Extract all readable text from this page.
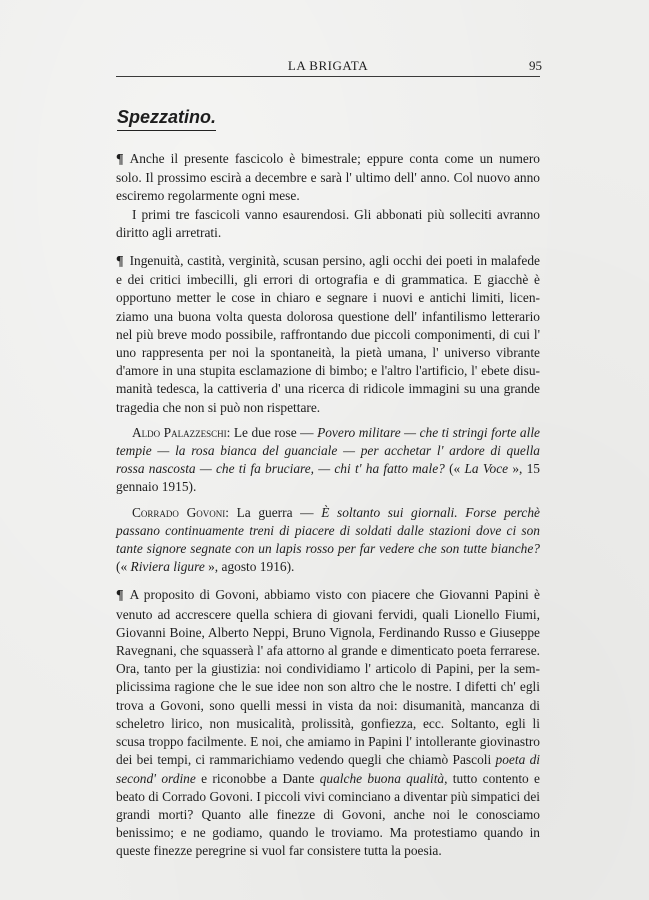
LA BRIGATA	95
Spezzatino.

¶ Anche il presente fascicolo è bimestrale; eppure conta come un numero solo. Il prossimo escirà a decembre e sarà l' ultimo dell' anno. Col nuovo anno esciremo regolarmente ogni mese.

I primi tre fascicoli vanno esaurendosi. Gli abbonati più solleciti avranno diritto agli arretrati.

¶ Ingenuità, castità, verginità, scusan persino, agli occhi dei poeti in malafede e dei critici imbecilli, gli errori di ortografia e di grammatica. E giacchè è opportuno metter le cose in chiaro e segnare i nuovi e antichi limiti, licenziamo una buona volta questa dolorosa questione dell' infantilismo letterario nel più breve modo possibile, raffrontando due piccoli componimenti, di cui l' uno rappresenta per noi la spontaneità, la pietà umana, l' universo vibrante d'amore in una stupita esclamazione di bimbo; e l'altro l'artificio, l' ebete disumanità tedesca, la cattiveria d' una ricerca di ridicole immagini su una grande tragedia che non si può non rispettare.

Aldo Palazzeschi: Le due rose — Povero militare — che ti stringi forte alle tempie — la rosa bianca del guanciale — per acchetar l' ardore di quella rossa nascosta — che ti fa bruciare, — chi t' ha fatto male? (« La Voce », 15 gennaio 1915).

Corrado Govoni: La guerra — È soltanto sui giornali. Forse perchè passano continuamente treni di piacere di soldati dalle stazioni dove ci son tante signore segnate con un lapis rosso per far vedere che son tutte bianche? (« Riviera ligure », agosto 1916).

¶ A proposito di Govoni, abbiamo visto con piacere che Giovanni Papini è venuto ad accrescere quella schiera di giovani fervidi, quali Lionello Fiumi, Giovanni Boine, Alberto Neppi, Bruno Vignola, Ferdinando Russo e Giuseppe Ravegnani, che squasserà l' afa attorno al grande e dimenticato poeta ferrarese. Ora, tanto per la giustizia: noi condividiamo l' articolo di Papini, per la semplicissima ragione che le sue idee non son altro che le nostre. I difetti ch' egli trova a Govoni, sono quelli messi in vista da noi: disumanità, mancanza di scheletro lirico, non musicalità, prolissità, gonfiezza, ecc. Soltanto, egli li scusa troppo facilmente. E noi, che amiamo in Papini l' intollerante giovinastro dei bei tempi, ci rammarichiamo vedendo quegli che chiamò Pascoli poeta di second' ordine e riconobbe a Dante qualche buona qualità, tutto contento e beato di Corrado Govoni. I piccoli vivi cominciano a diventar più simpatici dei grandi morti? Quanto alle finezze di Govoni, anche noi le conosciamo benissimo; e ne godiamo, quando le troviamo. Ma protestiamo quando in queste finezze peregrine si vuol far consistere tutta la poesia.
